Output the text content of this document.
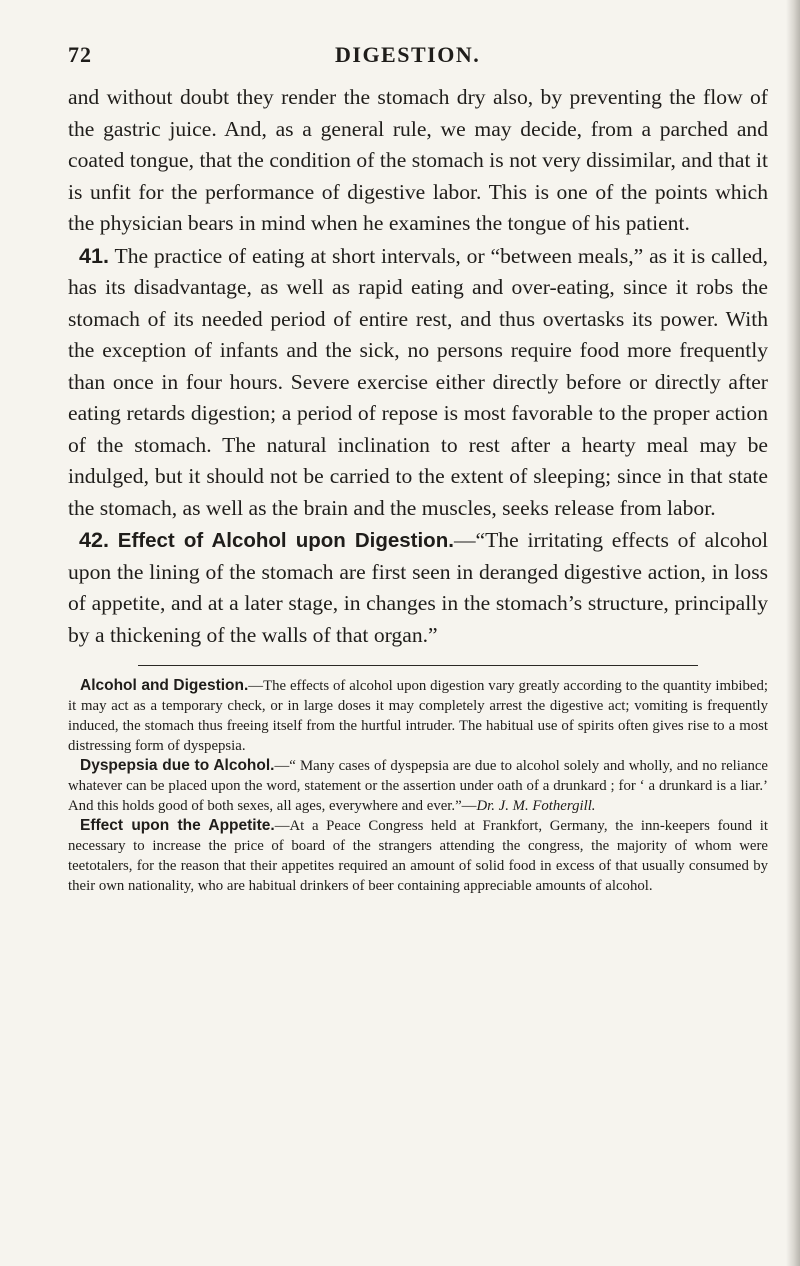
72	DIGESTION.

and without doubt they render the stomach dry also, by preventing the flow of the gastric juice. And, as a general rule, we may decide, from a parched and coated tongue, that the condition of the stomach is not very dissimilar, and that it is unfit for the performance of digestive labor. This is one of the points which the physician bears in mind when he examines the tongue of his patient.

41. The practice of eating at short intervals, or “between meals,” as it is called, has its disadvantage, as well as rapid eating and over-eating, since it robs the stomach of its needed period of entire rest, and thus overtasks its power. With the exception of infants and the sick, no persons require food more frequently than once in four hours. Severe exercise either directly before or directly after eating retards digestion; a period of repose is most favorable to the proper action of the stomach. The natural inclination to rest after a hearty meal may be indulged, but it should not be carried to the extent of sleeping; since in that state the stomach, as well as the brain and the muscles, seeks release from labor.

42. Effect of Alcohol upon Digestion.—“The irritating effects of alcohol upon the lining of the stomach are first seen in deranged digestive action, in loss of appetite, and at a later stage, in changes in the stomach’s structure, principally by a thickening of the walls of that organ.”

Alcohol and Digestion.—The effects of alcohol upon digestion vary greatly according to the quantity imbibed; it may act as a temporary check, or in large doses it may completely arrest the digestive act; vomiting is frequently induced, the stomach thus freeing itself from the hurtful intruder. The habitual use of spirits often gives rise to a most distressing form of dyspepsia.

Dyspepsia due to Alcohol.—“ Many cases of dyspepsia are due to alcohol solely and wholly, and no reliance whatever can be placed upon the word, statement or the assertion under oath of a drunkard ; for ‘ a drunkard is a liar.’ And this holds good of both sexes, all ages, everywhere and ever.”—Dr. J. M. Fothergill.

Effect upon the Appetite.—At a Peace Congress held at Frankfort, Germany, the inn-keepers found it necessary to increase the price of board of the strangers attending the congress, the majority of whom were teetotalers, for the reason that their appetites required an amount of solid food in excess of that usually consumed by their own nationality, who are habitual drinkers of beer containing appreciable amounts of alcohol.
